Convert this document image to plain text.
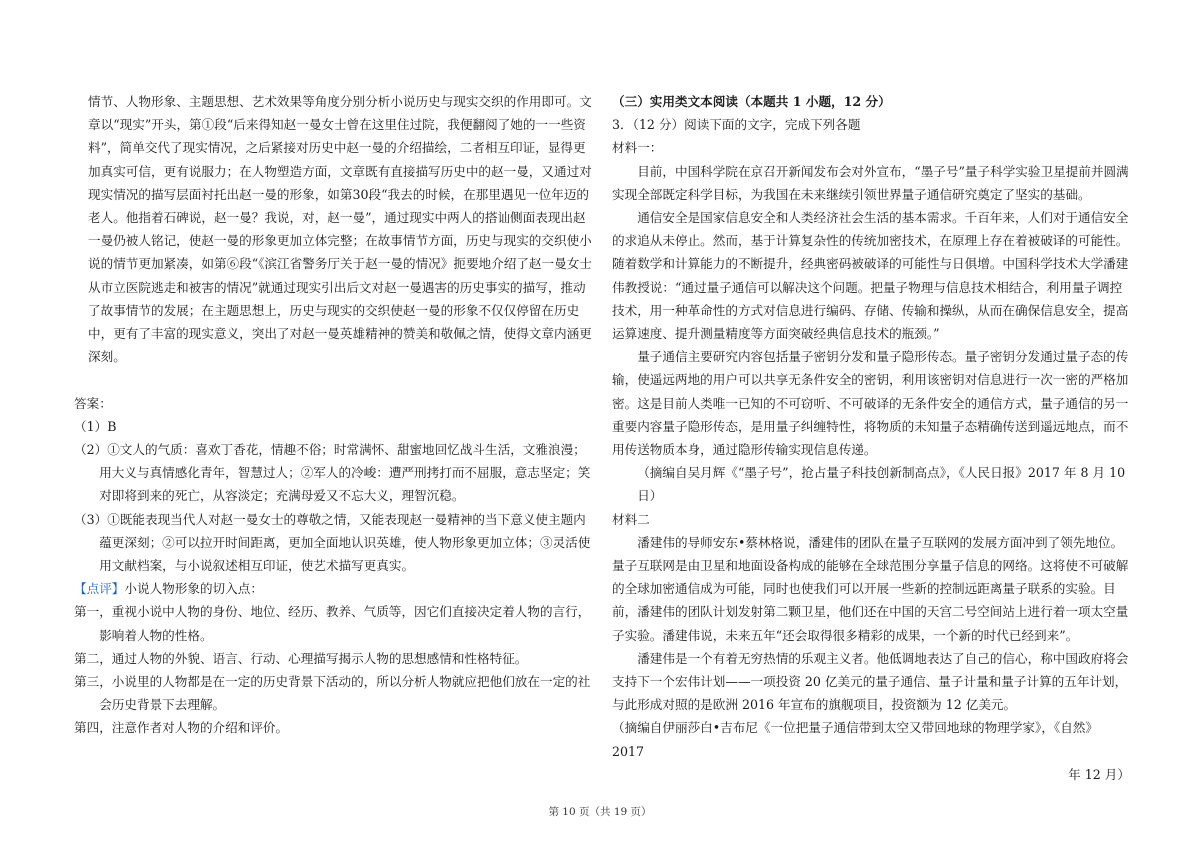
情节、人物形象、主题思想、艺术效果等角度分别分析小说历史与现实交织的作用即可。文章以“现实”开头，第①段“后来得知赵一曼女士曾在这里住过院，我便翻阅了她的一一些资料”，简单交代了现实情况，之后紧接对历史中赵一曼的介绍描绘，二者相互印证，显得更加真实可信，更有说服力；在人物塑造方面，文章既有直接描写历史中的赵一曼，又通过对现实情况的描写层面衬托出赵一曼的形象，如第30段“我去的时候，在那里遇见一位年迈的老人。他指着石碑说，赵一曼？我说，对，赵一曼”，通过现实中两人的搭讪侧面表现出赵一曼仍被人铭记，使赵一曼的形象更加立体完整；在故事情节方面，历史与现实的交织使小说的情节更加紧凑，如第⑥段“《滨江省警务厅关于赵一曼的情况》扼要地介绍了赵一曼女士从市立医院逃走和被害的情况”就通过现实引出后文对赵一曼遇害的历史事实的描写，推动了故事情节的发展；在主题思想上，历史与现实的交织使赵一曼的形象不仅仅停留在历史中，更有了丰富的现实意义，突出了对赵一曼英雄精神的赞美和敬佩之情，使得文章内涵更深刻。

答案：

（1）B

（2）①文人的气质：喜欢丁香花，情趣不俗；时常满怀、甜蜜地回忆战斗生活，文雅浪漫；用大义与真情感化青年，智慧过人；②军人的冷峻：遭严刑拷打而不屈服，意志坚定；笑对即将到来的死亡，从容淡定；充满母爱又不忘大义，理智沉稳。

（3）①既能表现当代人对赵一曼女士的尊敬之情，又能表现赵一曼精神的当下意义使主题内蕴更深刻；②可以拉开时间距离，更加全面地认识英雄，使人物形象更加立体；③灵活使用文献档案，与小说叙述相互印证，使艺术描写更真实。

【点评】小说人物形象的切入点：

第一，重视小说中人物的身份、地位、经历、教养、气质等，因它们直接决定着人物的言行，影响着人物的性格。

第二，通过人物的外貌、语言、行动、心理描写揭示人物的思想感情和性格特征。

第三，小说里的人物都是在一定的历史背景下活动的，所以分析人物就应把他们放在一定的社会历史背景下去理解。

第四，注意作者对人物的介绍和评价。

（三）实用类文本阅读（本题共 1 小题，12 分）

3．（12 分）阅读下面的文字，完成下列各题

材料一：

目前，中国科学院在京召开新闻发布会对外宣布，“墨子号”量子科学实验卫星提前并圆满实现全部既定科学目标，为我国在未来继续引领世界量子通信研究奠定了坚实的基础。

通信安全是国家信息安全和人类经济社会生活的基本需求。千百年来，人们对于通信安全的求追从未停止。然而，基于计算复杂性的传统加密技术，在原理上存在着被破译的可能性。随着数学和计算能力的不断提升，经典密码被破译的可能性与日俱增。中国科学技术大学潘建伟教授说：“通过量子通信可以解决这个问题。把量子物理与信息技术相结合，利用量子调控技术，用一种革命性的方式对信息进行编码、存储、传输和操纵，从而在确保信息安全，提高运算速度、提升测量精度等方面突破经典信息技术的瓶颈。”

量子通信主要研究内容包括量子密钥分发和量子隐形传态。量子密钥分发通过量子态的传输，使遥远两地的用户可以共享无条件安全的密钥，利用该密钥对信息进行一次一密的严格加密。这是目前人类唯一已知的不可窃听、不可破译的无条件安全的通信方式，量子通信的另一重要内容量子隐形传态，是用量子纠缠特性，将物质的未知量子态精确传送到遥远地点，而不用传送物质本身，通过隐形传输实现信息传递。

（摘编自吴月辉《“墨子号”，抢占量子科技创新制高点》，《人民日报》2017 年 8 月 10 日）

材料二

潘建伟的导师安东•蔡林格说，潘建伟的团队在量子互联网的发展方面冲到了领先地位。量子互联网是由卫星和地面设备构成的能够在全球范围分享量子信息的网络。这将使不可破解的全球加密通信成为可能，同时也使我们可以开展一些新的控制远距离量子联系的实验。目前，潘建伟的团队计划发射第二颗卫星，他们还在中国的天宫二号空间站上进行着一项太空量子实验。潘建伟说，未来五年“还会取得很多精彩的成果，一个新的时代已经到来”。

潘建伟是一个有着无穷热情的乐观主义者。他低调地表达了自己的信心，称中国政府将会支持下一个宏伟计划——一项投资 20 亿美元的量子通信、量子计量和量子计算的五年计划，与此形成对照的是欧洲 2016 年宣布的旗舰项目，投资额为 12 亿美元。

（摘编自伊丽莎白•吉布尼《一位把量子通信带到太空又带回地球的物理学家》，《自然》2017

年 12 月）

第 10 页（共 19 页）
